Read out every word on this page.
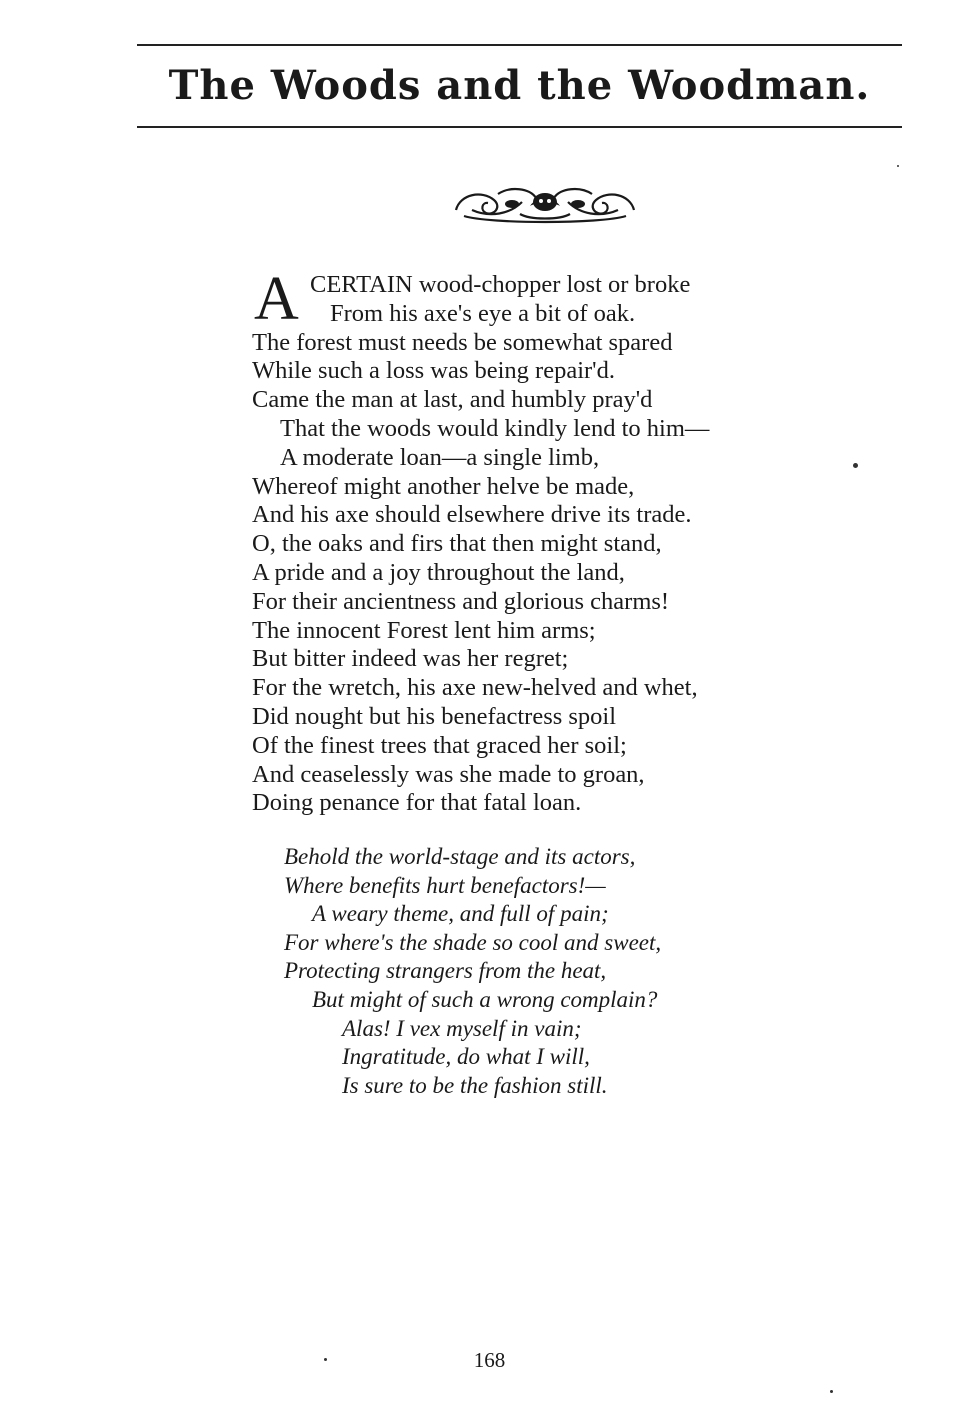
The Woods and the Woodman.
A CERTAIN wood-chopper lost or broke
From his axe's eye a bit of oak.
The forest must needs be somewhat spared
While such a loss was being repair'd.
Came the man at last, and humbly pray'd
That the woods would kindly lend to him—
A moderate loan—a single limb,
Whereof might another helve be made,
And his axe should elsewhere drive its trade.
O, the oaks and firs that then might stand,
A pride and a joy throughout the land,
For their ancientness and glorious charms!
The innocent Forest lent him arms;
But bitter indeed was her regret;
For the wretch, his axe new-helved and whet,
Did nought but his benefactress spoil
Of the finest trees that graced her soil;
And ceaselessly was she made to groan,
Doing penance for that fatal loan.
Behold the world-stage and its actors,
Where benefits hurt benefactors!—
A weary theme, and full of pain;
For where's the shade so cool and sweet,
Protecting strangers from the heat,
But might of such a wrong complain?
Alas! I vex myself in vain;
Ingratitude, do what I will,
Is sure to be the fashion still.
168
